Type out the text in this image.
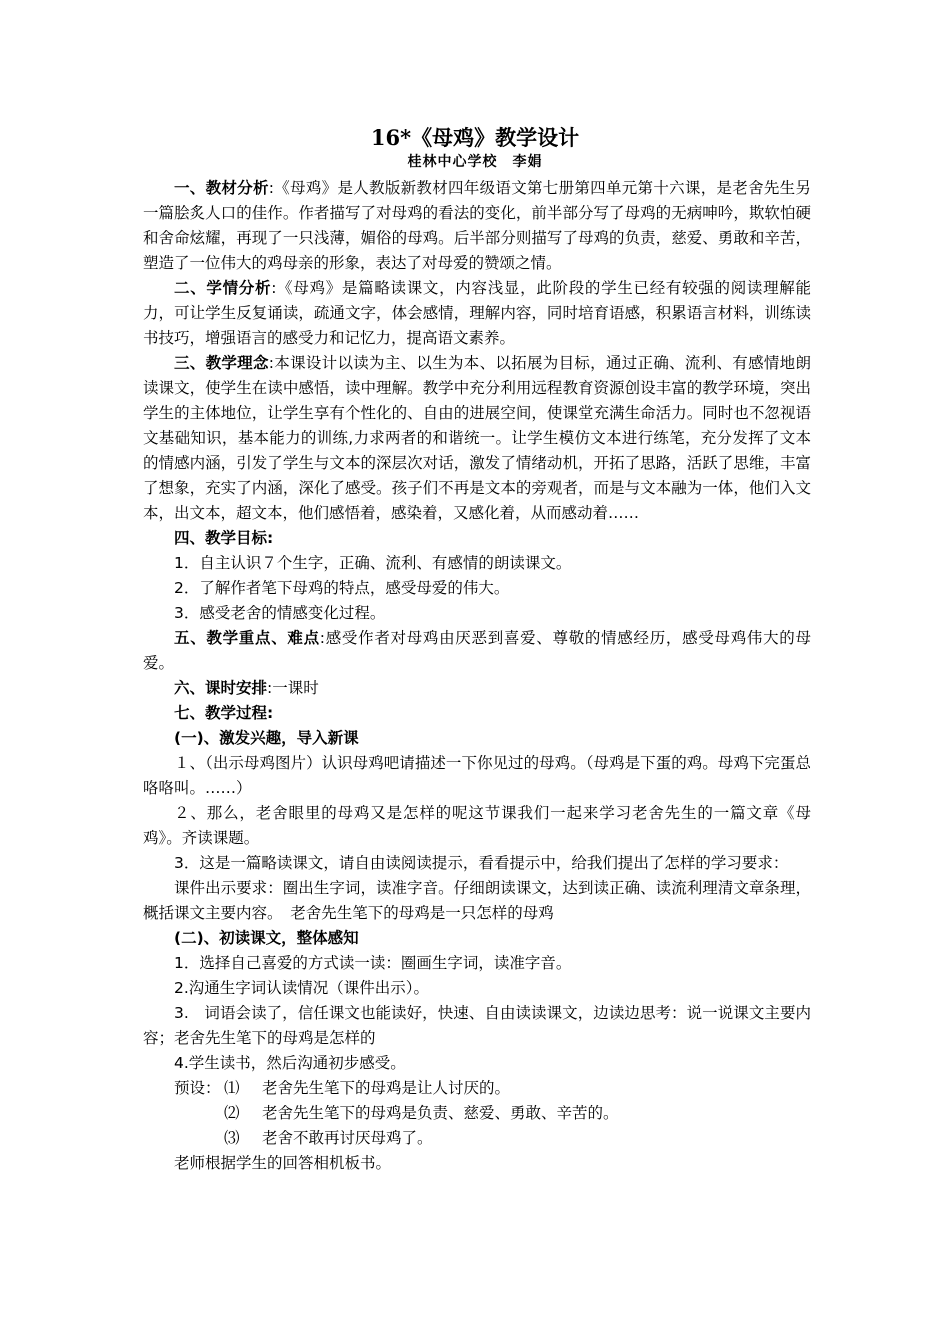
16*《母鸡》教学设计
桂林中心学校　李娟

一、教材分析:《母鸡》是人教版新教材四年级语文第七册第四单元第十六课，是老舍先生另一篇脍炙人口的佳作。作者描写了对母鸡的看法的变化，前半部分写了母鸡的无病呻吟，欺软怕硬和舍命炫耀，再现了一只浅薄，媚俗的母鸡。后半部分则描写了母鸡的负责，慈爱、勇敢和辛苦，塑造了一位伟大的鸡母亲的形象，表达了对母爱的赞颂之情。

二、学情分析:《母鸡》是篇略读课文，内容浅显，此阶段的学生已经有较强的阅读理解能力，可让学生反复诵读，疏通文字，体会感情，理解内容，同时培育语感，积累语言材料，训练读书技巧，增强语言的感受力和记忆力，提高语文素养。

三、教学理念:本课设计以读为主、以生为本、以拓展为目标，通过正确、流利、有感情地朗读课文，使学生在读中感悟，读中理解。教学中充分利用远程教育资源创设丰富的教学环境，突出学生的主体地位，让学生享有个性化的、自由的进展空间，使课堂充满生命活力。同时也不忽视语文基础知识，基本能力的训练,力求两者的和谐统一。让学生模仿文本进行练笔，充分发挥了文本的情感内涵，引发了学生与文本的深层次对话，激发了情绪动机，开拓了思路，活跃了思维，丰富了想象，充实了内涵，深化了感受。孩子们不再是文本的旁观者，而是与文本融为一体，他们入文本，出文本，超文本，他们感悟着，感染着，又感化着，从而感动着……

四、教学目标:

1．自主认识７个生字，正确、流利、有感情的朗读课文。

2．了解作者笔下母鸡的特点，感受母爱的伟大。

3．感受老舍的情感变化过程。

五、教学重点、难点:感受作者对母鸡由厌恶到喜爱、尊敬的情感经历，感受母鸡伟大的母爱。

六、课时安排:一课时

七、教学过程:

(一)、激发兴趣，导入新课

１、（出示母鸡图片）认识母鸡吧请描述一下你见过的母鸡。（母鸡是下蛋的鸡。母鸡下完蛋总咯咯叫。……）

２、那么，老舍眼里的母鸡又是怎样的呢这节课我们一起来学习老舍先生的一篇文章《母鸡》。齐读课题。

3．这是一篇略读课文，请自由读阅读提示，看看提示中，给我们提出了怎样的学习要求：

课件出示要求：圈出生字词，读准字音。仔细朗读课文，达到读正确、读流利理清文章条理，概括课文主要内容。　老舍先生笔下的母鸡是一只怎样的母鸡

(二)、初读课文，整体感知

1．选择自己喜爱的方式读一读：圈画生字词，读准字音。

2.沟通生字词认读情况（课件出示）。

3.　词语会读了，信任课文也能读好，快速、自由读读课文，边读边思考：说一说课文主要内容；老舍先生笔下的母鸡是怎样的

4.学生读书，然后沟通初步感受。

预设： ⑴	老舍先生笔下的母鸡是让人讨厌的。
⑵	老舍先生笔下的母鸡是负责、慈爱、勇敢、辛苦的。
⑶	老舍不敢再讨厌母鸡了。

老师根据学生的回答相机板书。
